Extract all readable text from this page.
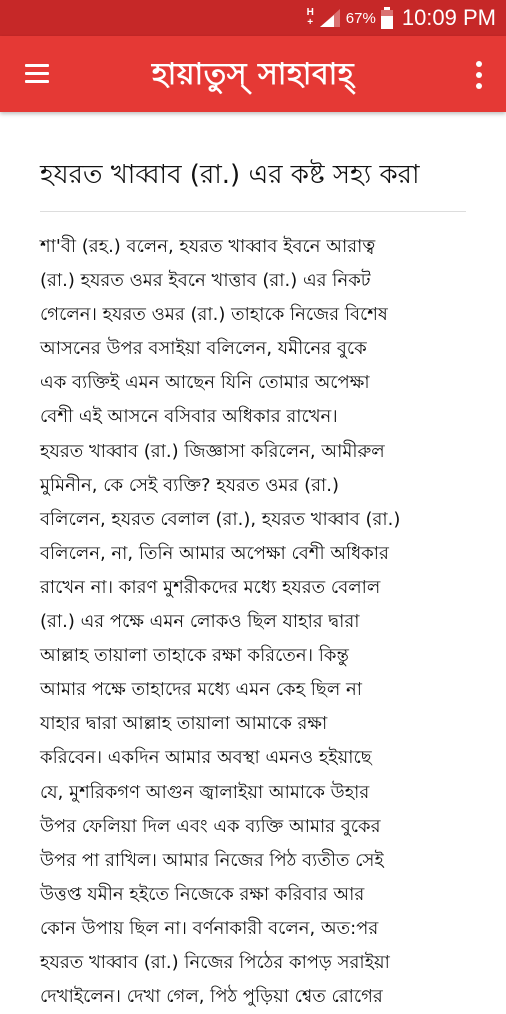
H
+ 67% 10:09 PM
হায়াতুস্ সাহাবাহ্
হযরত খাব্বাব (রা.) এর কষ্ট সহ্য করা
শা'বী (রহ.) বলেন, হযরত খাব্বাব ইবনে আরাত্ব
(রা.) হযরত ওমর ইবনে খাত্তাব (রা.) এর নিকট
গেলেন। হযরত ওমর (রা.) তাহাকে নিজের বিশেষ
আসনের উপর বসাইয়া বলিলেন, যমীনের বুকে
এক ব্যক্তিই এমন আছেন যিনি তোমার অপেক্ষা
বেশী এই আসনে বসিবার অধিকার রাখেন।
হযরত খাব্বাব (রা.) জিজ্ঞাসা করিলেন, আমীরুল
মুমিনীন, কে সেই ব্যক্তি? হযরত ওমর (রা.)
বলিলেন, হযরত বেলাল (রা.), হযরত খাব্বাব (রা.)
বলিলেন, না, তিনি আমার অপেক্ষা বেশী অধিকার
রাখেন না। কারণ মুশরীকদের মধ্যে হযরত বেলাল
(রা.) এর পক্ষে এমন লোকও ছিল যাহার দ্বারা
আল্লাহ তায়ালা তাহাকে রক্ষা করিতেন। কিন্তু
আমার পক্ষে তাহাদের মধ্যে এমন কেহ ছিল না
যাহার দ্বারা আল্লাহ তায়ালা আমাকে রক্ষা
করিবেন। একদিন আমার অবস্থা এমনও হইয়াছে
যে, মুশরিকগণ আগুন জ্বালাইয়া আমাকে উহার
উপর ফেলিয়া দিল এবং এক ব্যক্তি আমার বুকের
উপর পা রাখিল। আমার নিজের পিঠ ব্যতীত সেই
উত্তপ্ত যমীন হইতে নিজেকে রক্ষা করিবার আর
কোন উপায় ছিল না। বর্ণনাকারী বলেন, অত:পর
হযরত খাব্বাব (রা.) নিজের পিঠের কাপড় সরাইয়া
দেখাইলেন। দেখা গেল, পিঠ পুড়িয়া শ্বেত রোগের
